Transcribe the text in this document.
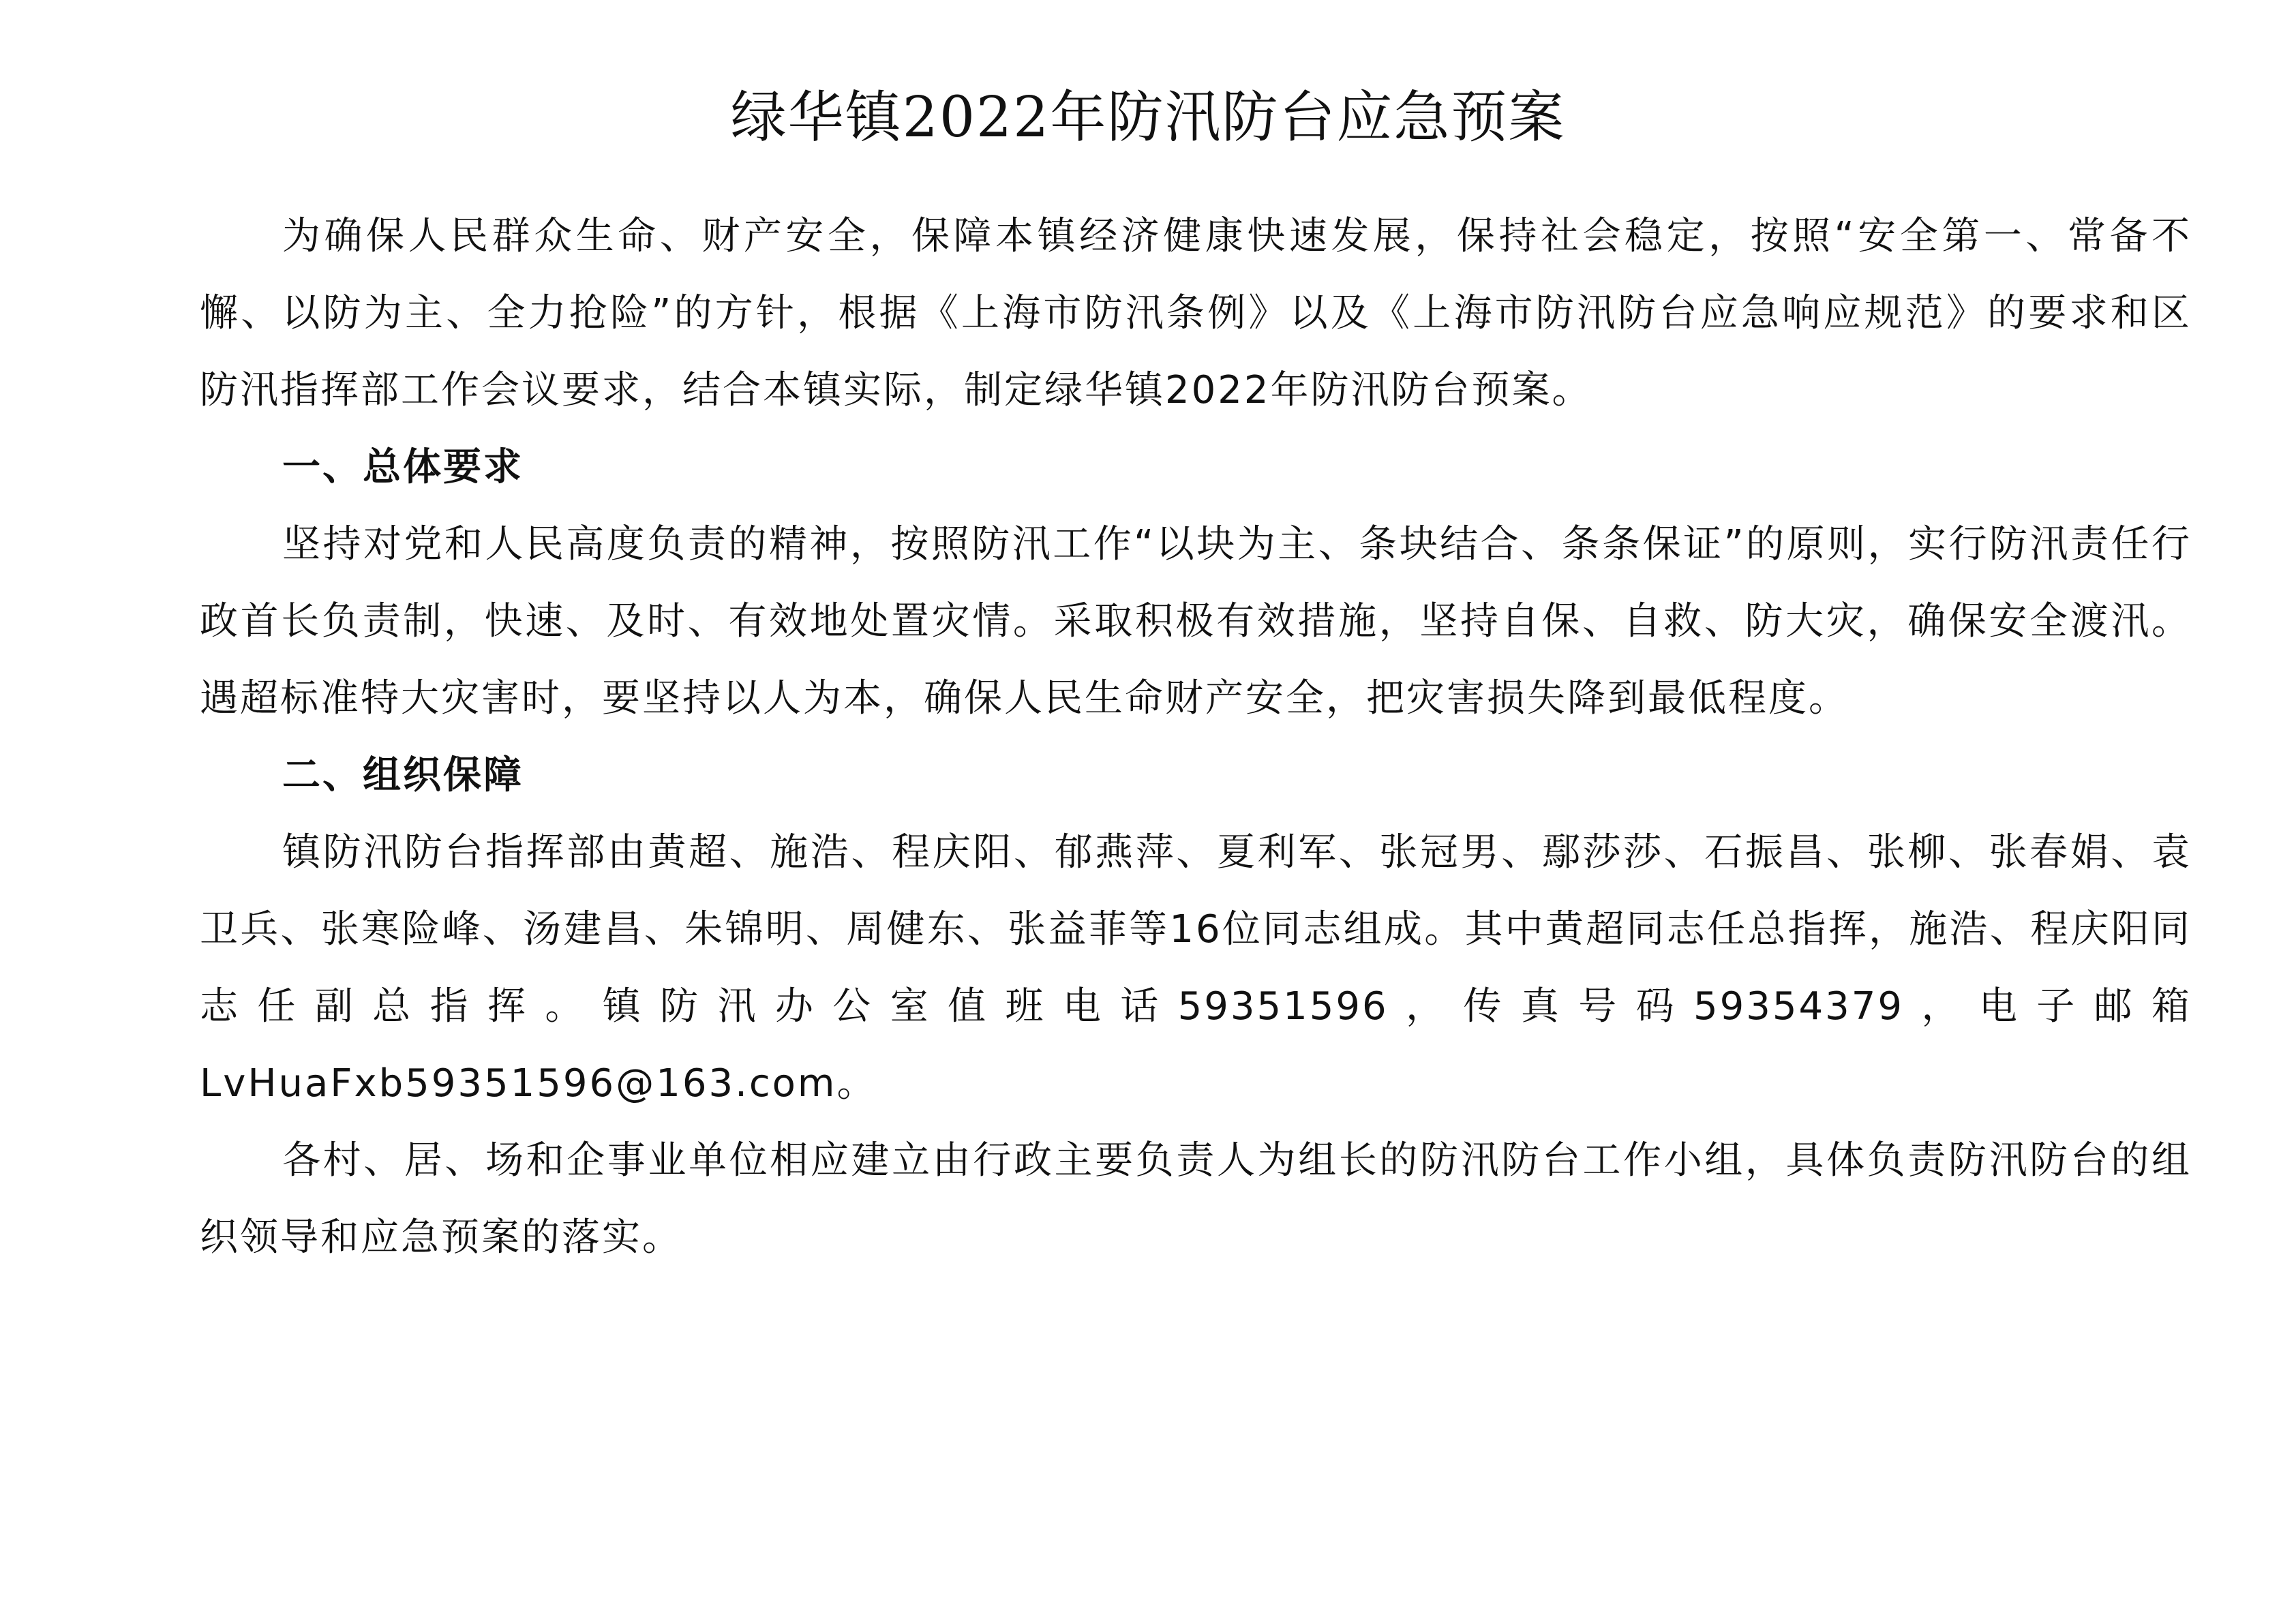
绿华镇2022年防汛防台应急预案

为确保人民群众生命、财产安全，保障本镇经济健康快速发展，保持社会稳定，按照“安全第一、常备不懈、以防为主、全力抢险”的方针，根据《上海市防汛条例》以及《上海市防汛防台应急响应规范》的要求和区防汛指挥部工作会议要求，结合本镇实际，制定绿华镇2022年防汛防台预案。

一、总体要求

坚持对党和人民高度负责的精神，按照防汛工作“以块为主、条块结合、条条保证”的原则，实行防汛责任行政首长负责制，快速、及时、有效地处置灾情。采取积极有效措施，坚持自保、自救、防大灾，确保安全渡汛。遇超标准特大灾害时，要坚持以人为本，确保人民生命财产安全，把灾害损失降到最低程度。

二、组织保障

镇防汛防台指挥部由黄超、施浩、程庆阳、郁燕萍、夏利军、张冠男、鄢莎莎、石振昌、张柳、张春娟、袁卫兵、张寒险峰、汤建昌、朱锦明、周健东、张益菲等16位同志组成。其中黄超同志任总指挥，施浩、程庆阳同志任副总指挥。镇防汛办公室值班电话59351596，传真号码59354379，电子邮箱LvHuaFxb59351596@163.com。

各村、居、场和企事业单位相应建立由行政主要负责人为组长的防汛防台工作小组，具体负责防汛防台的组织领导和应急预案的落实。
